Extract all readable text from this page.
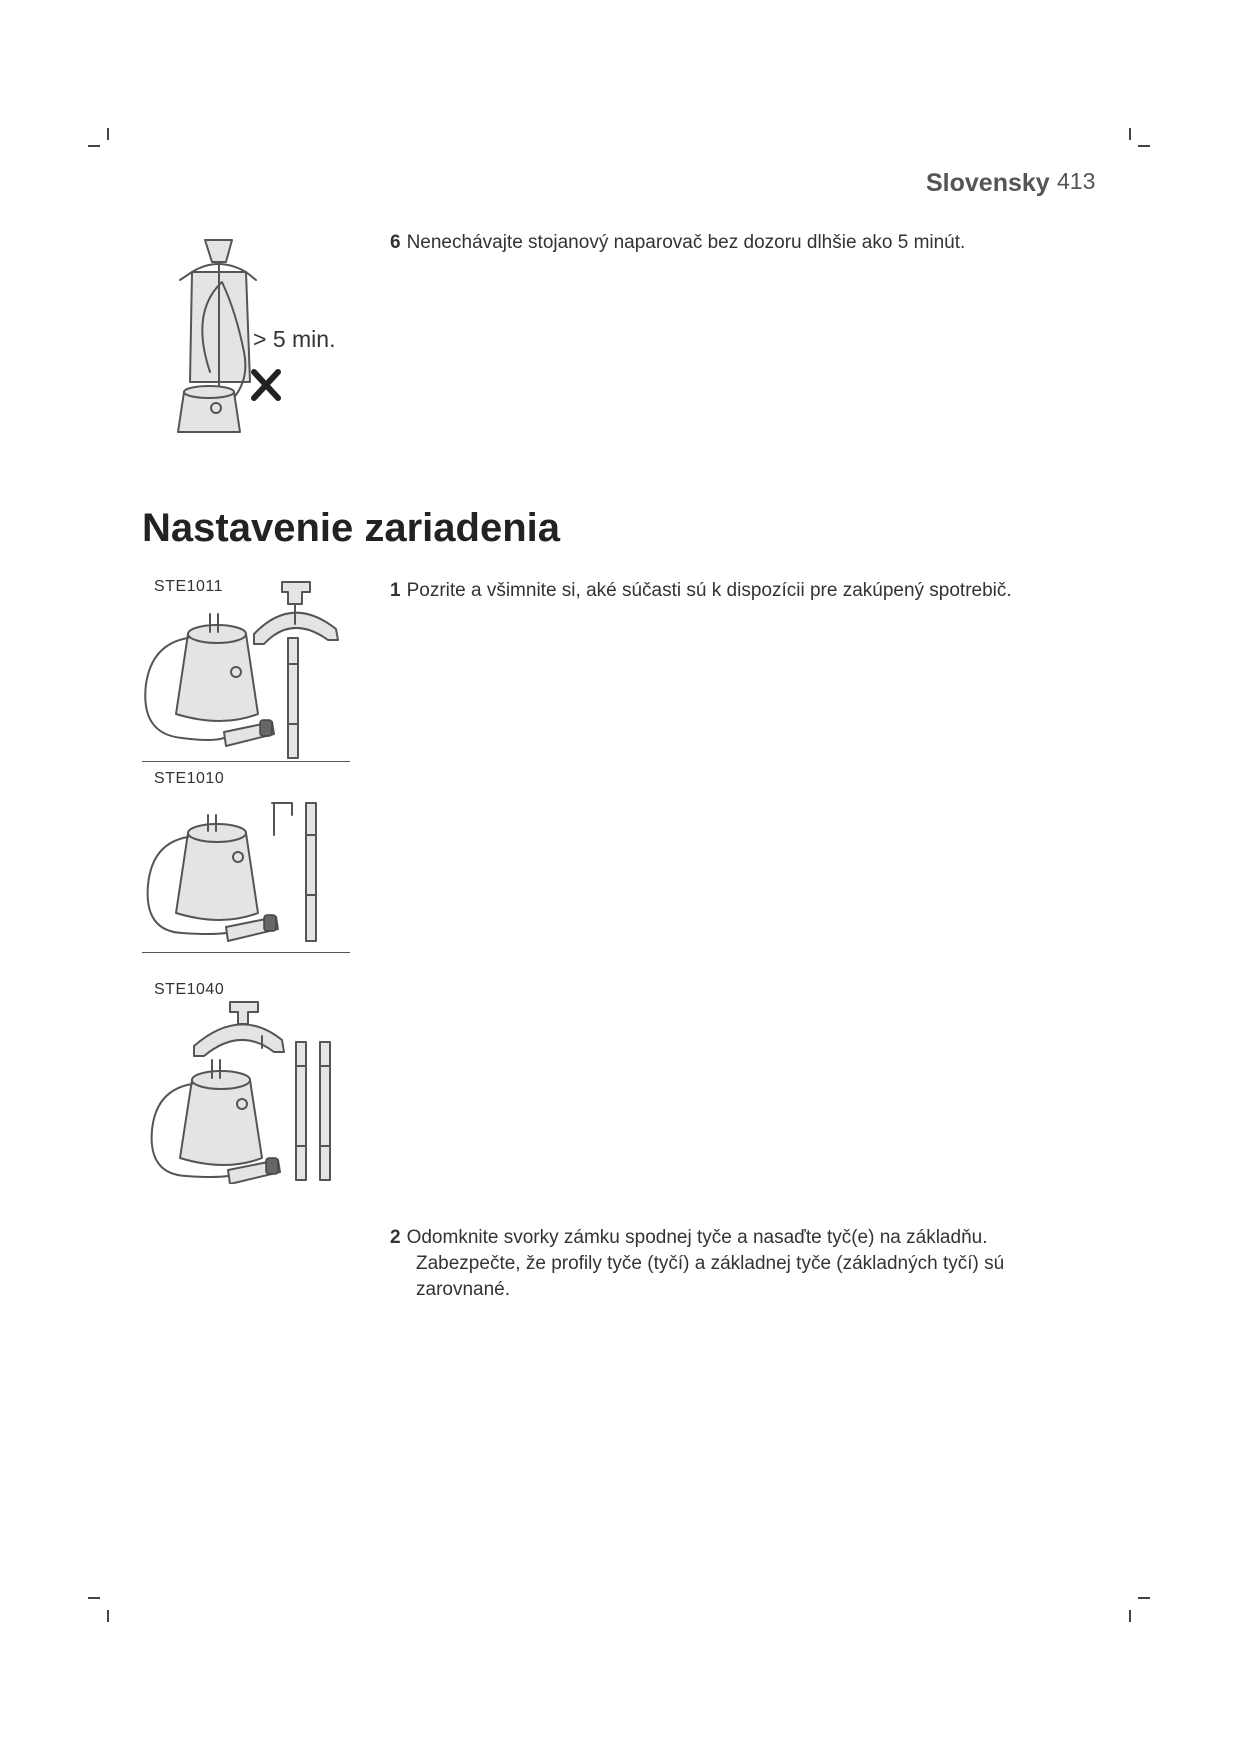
Slovensky 413
> 5 min.
6 Nenechávajte stojanový naparovač bez dozoru dlhšie ako 5 minút.
Nastavenie zariadenia
STE1011
STE1010
STE1040
1 Pozrite a všimnite si, aké súčasti sú k dispozícii pre zakúpený spotrebič.
2 Odomknite svorky zámku spodnej tyče a nasaďte tyč(e) na základňu.
Zabezpečte, že profily tyče (tyčí) a základnej tyče (základných tyčí) sú
zarovnané.
